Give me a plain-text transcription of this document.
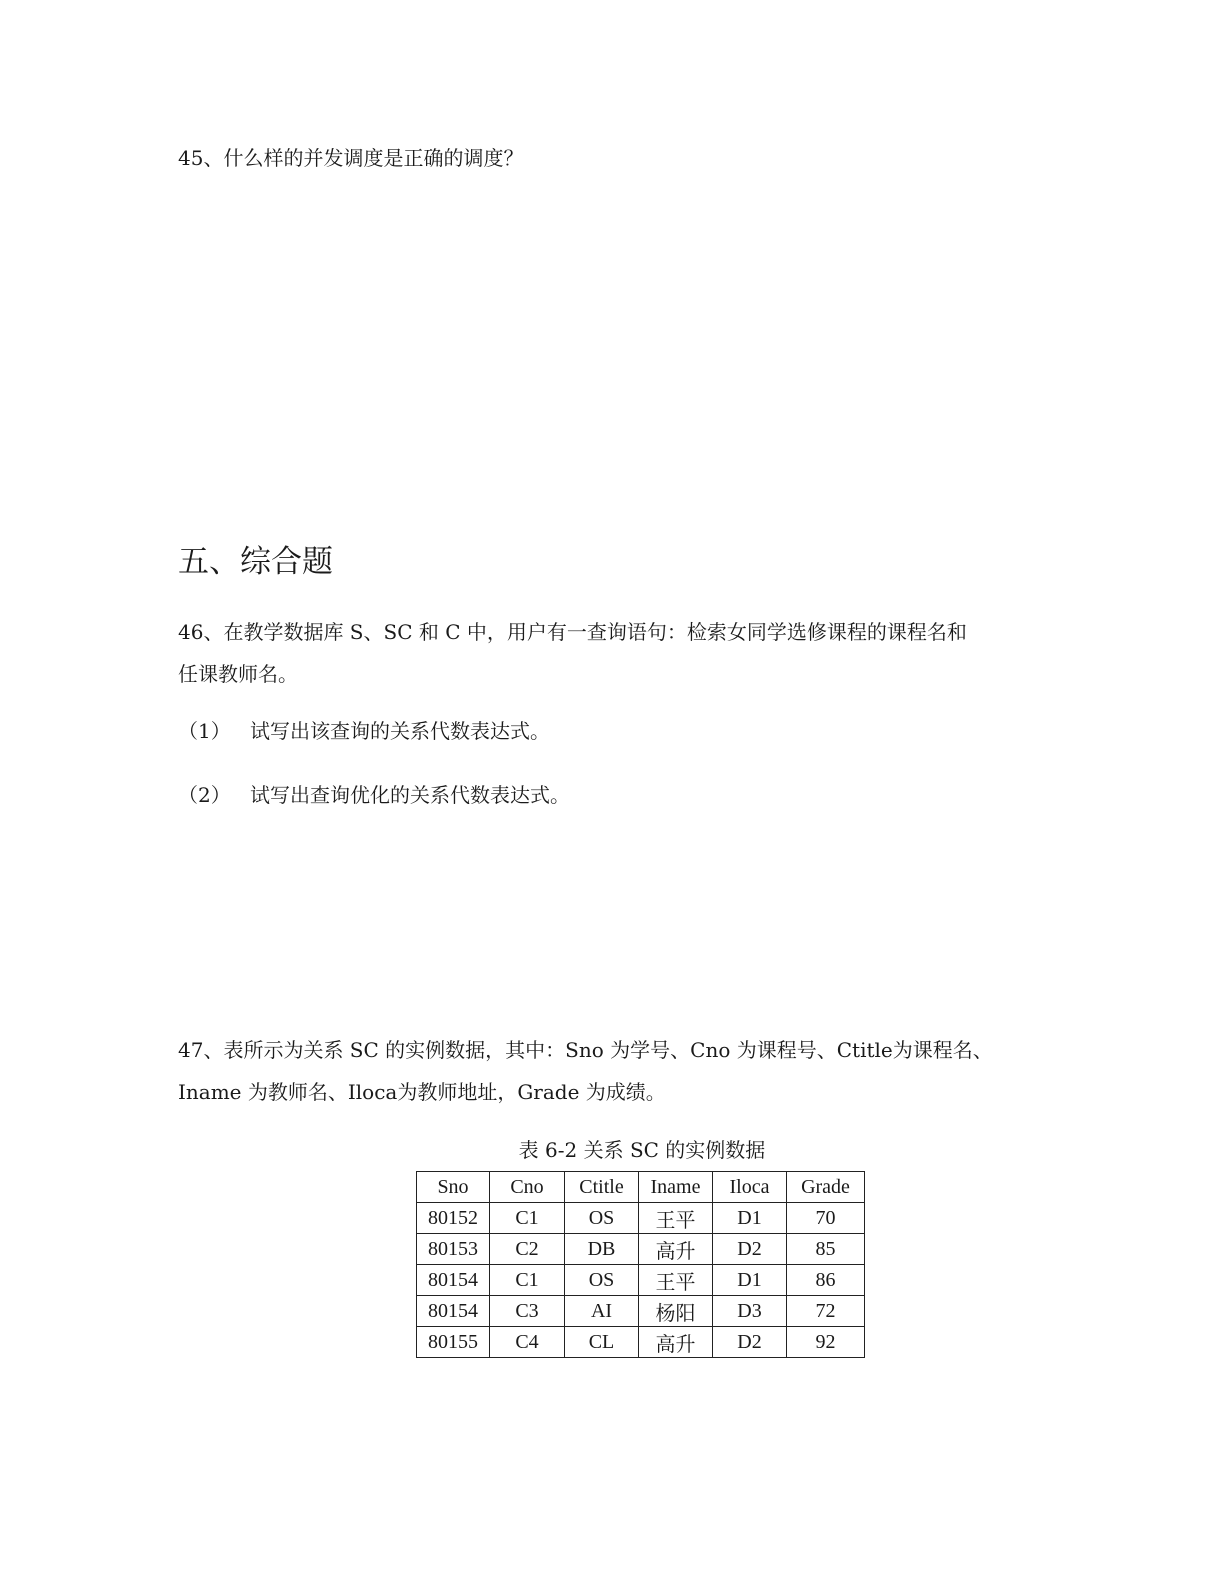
45、什么样的并发调度是正确的调度？
五、综合题
46、在教学数据库 S、SC 和 C 中，用户有一查询语句：检索女同学选修课程的课程名和
任课教师名。
（1） 试写出该查询的关系代数表达式。
（2） 试写出查询优化的关系代数表达式。
47、表所示为关系 SC 的实例数据，其中：Sno 为学号、Cno 为课程号、Ctitle为课程名、
Iname 为教师名、Iloca为教师地址，Grade 为成绩。
表 6-2 关系 SC 的实例数据
Sno	Cno	Ctitle	Iname	Iloca	Grade
80152	C1	OS	王平	D1	70
80153	C2	DB	高升	D2	85
80154	C1	OS	王平	D1	86
80154	C3	AI	杨阳	D3	72
80155	C4	CL	高升	D2	92
